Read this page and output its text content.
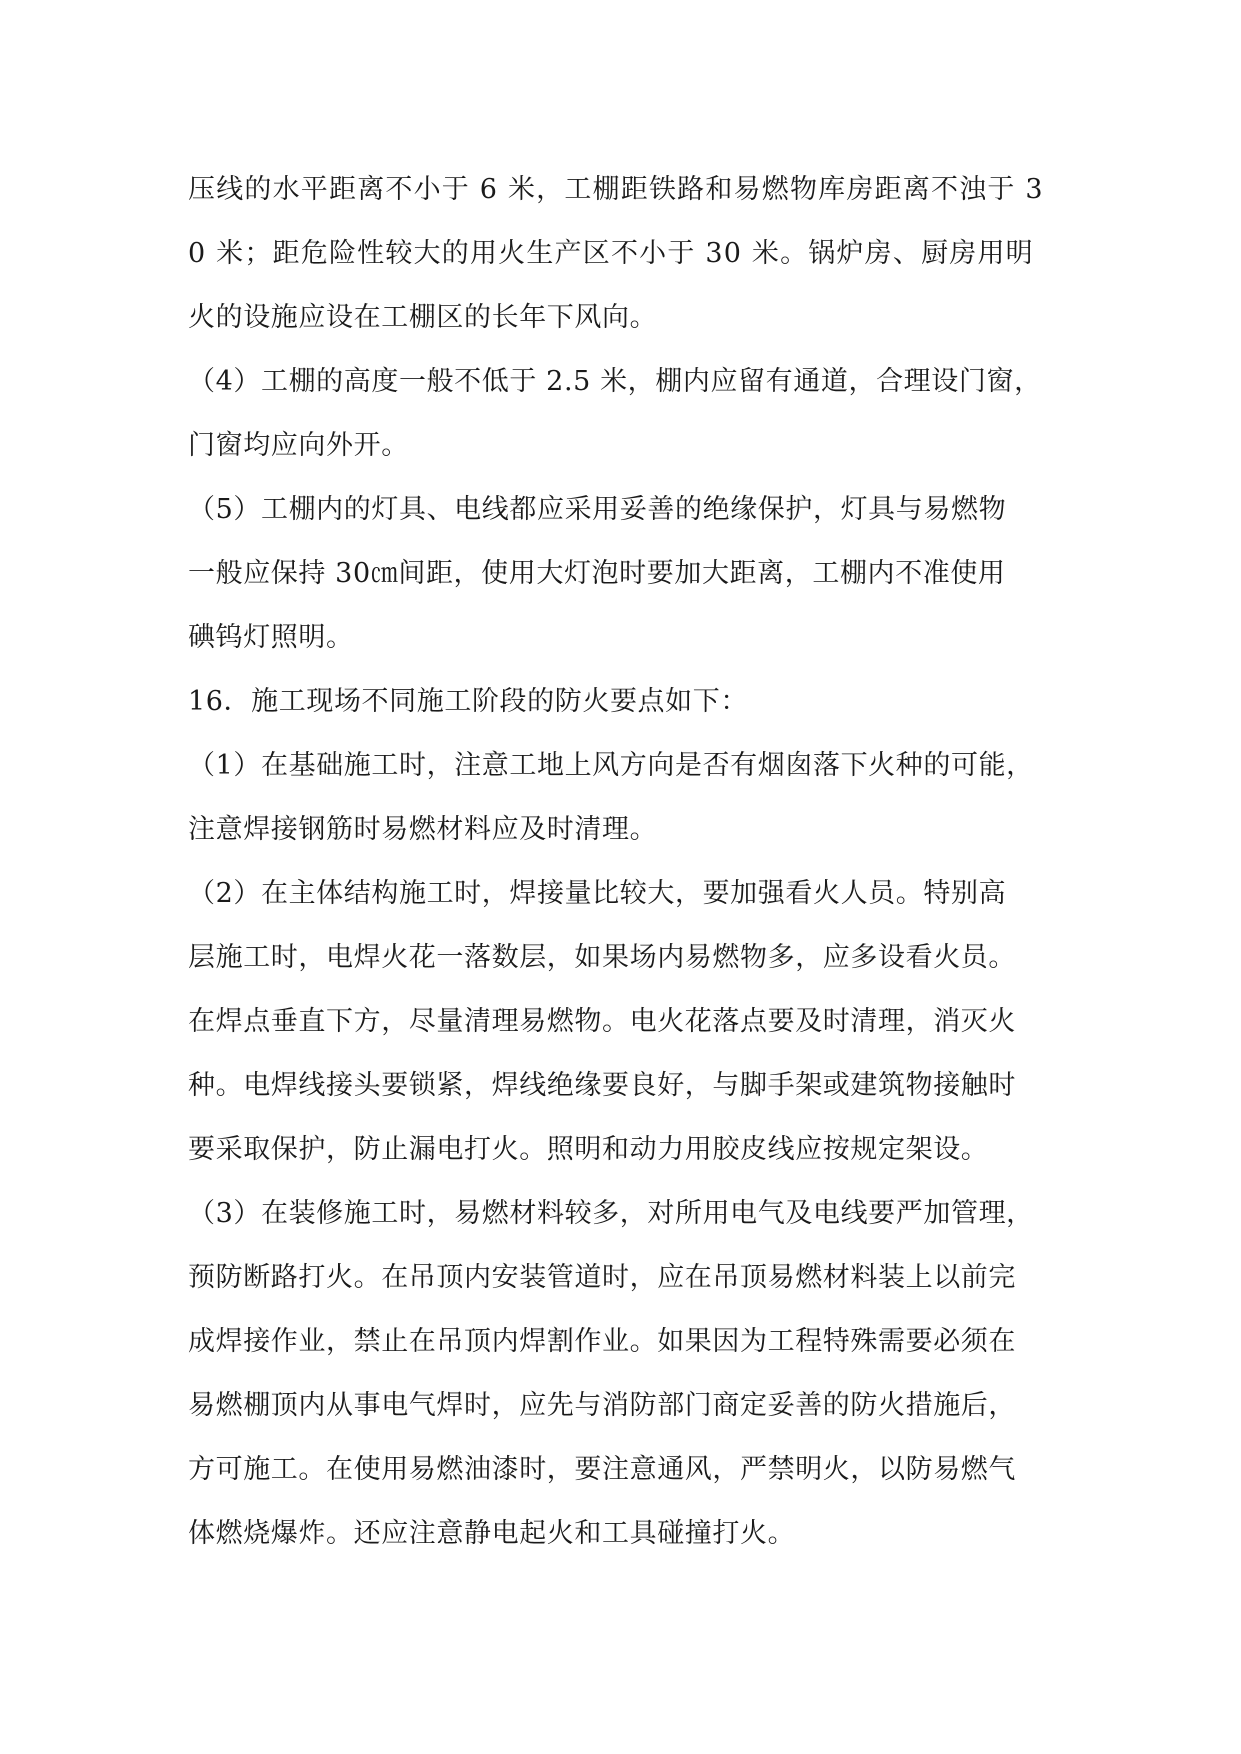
压线的水平距离不小于 6 米，工棚距铁路和易燃物库房距离不浊于 3
0 米；距危险性较大的用火生产区不小于 30 米。锅炉房、厨房用明
火的设施应设在工棚区的长年下风向。
（4）工棚的高度一般不低于 2.5 米，棚内应留有通道，合理设门窗，
门窗均应向外开。
（5）工棚内的灯具、电线都应采用妥善的绝缘保护，灯具与易燃物
一般应保持 30㎝间距，使用大灯泡时要加大距离，工棚内不准使用
碘钨灯照明。
16．施工现场不同施工阶段的防火要点如下：
（1）在基础施工时，注意工地上风方向是否有烟囱落下火种的可能，
注意焊接钢筋时易燃材料应及时清理。
（2）在主体结构施工时，焊接量比较大，要加强看火人员。特别高
层施工时，电焊火花一落数层，如果场内易燃物多，应多设看火员。
在焊点垂直下方，尽量清理易燃物。电火花落点要及时清理，消灭火
种。电焊线接头要锁紧，焊线绝缘要良好，与脚手架或建筑物接触时
要采取保护，防止漏电打火。照明和动力用胶皮线应按规定架设。
（3）在装修施工时，易燃材料较多，对所用电气及电线要严加管理，
预防断路打火。在吊顶内安装管道时，应在吊顶易燃材料装上以前完
成焊接作业，禁止在吊顶内焊割作业。如果因为工程特殊需要必须在
易燃棚顶内从事电气焊时，应先与消防部门商定妥善的防火措施后，
方可施工。在使用易燃油漆时，要注意通风，严禁明火，以防易燃气
体燃烧爆炸。还应注意静电起火和工具碰撞打火。
